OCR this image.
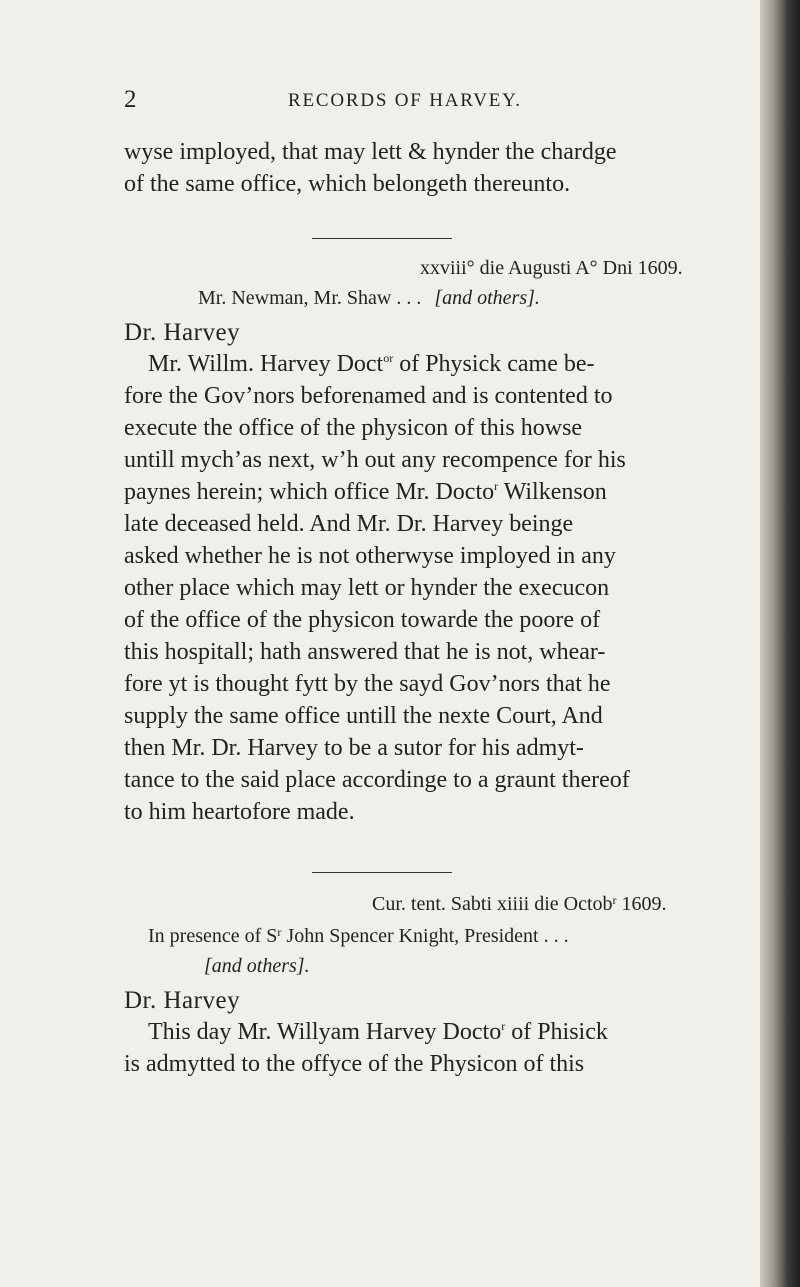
2	RECORDS OF HARVEY.
wyse imployed, that may lett & hynder the chardge
of the same office, which belongeth thereunto.
xxviii° die Augusti A° Dni 1609.
Mr. Newman, Mr. Shaw . . . [and others].
Dr. Harvey
Mr. Willm. Harvey Doct$^{or}$ of Physick came be-
fore the Gov’nors beforenamed and is contented to
execute the office of the physicon of this howse
untill mych’as next, w’h out any recompence for his
paynes herein; which office Mr. Docto$^r$ Wilkenson
late deceased held. And Mr. Dr. Harvey beinge
asked whether he is not otherwyse imployed in any
other place which may lett or hynder the execucon
of the office of the physicon towarde the poore of
this hospitall; hath answered that he is not, whear-
fore yt is thought fytt by the sayd Gov’nors that he
supply the same office untill the nexte Court, And
then Mr. Dr. Harvey to be a sutor for his admyt-
tance to the said place accordinge to a graunt thereof
to him heartofore made.
Cur. tent. Sabti xiiii die Octob$^r$ 1609.
In presence of $S^r$ John Spencer Knight, President . . .
[and others].
Dr. Harvey
This day Mr. Willyam Harvey Docto$^r$ of Phisick
is admytted to the offyce of the Physicon of this
